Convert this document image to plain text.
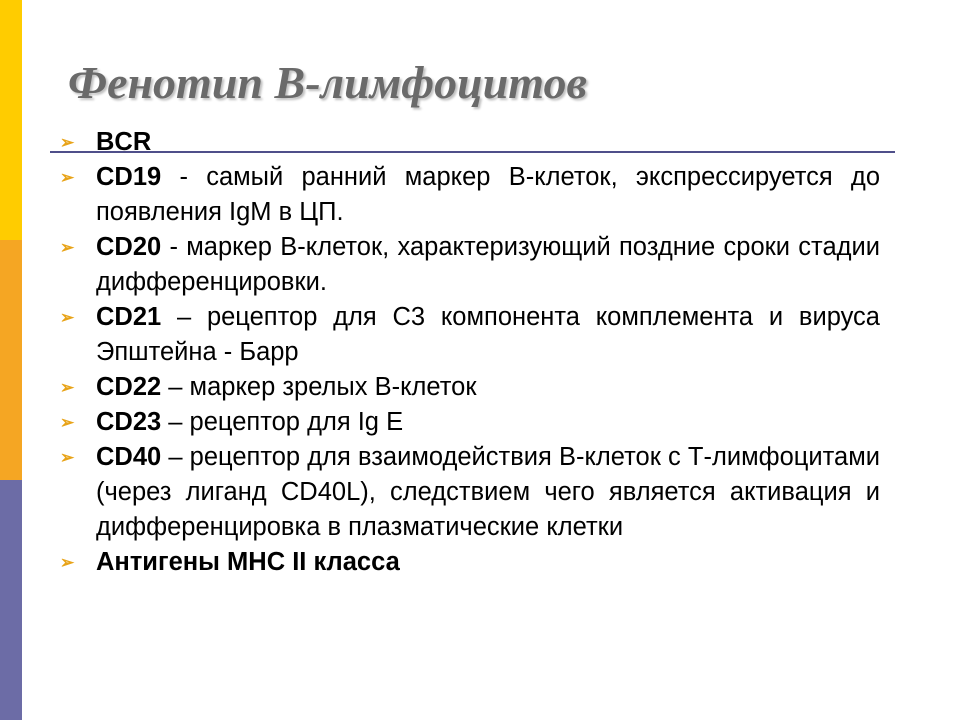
Фенотип В-лимфоцитов
➢ BCR
➢ CD19 - самый ранний маркер В-клеток, экспрессируется до появления IgM в ЦП.
➢ CD20 - маркер В-клеток, характеризующий поздние сроки стадии дифференцировки.
➢ CD21 – рецептор для С3 компонента комплемента и вируса Эпштейна - Барр
➢ CD22 – маркер зрелых В-клеток
➢ CD23 – рецептор для Ig E
➢ CD40 – рецептор для взаимодействия В-клеток с Т-лимфоцитами (через лиганд CD40L), следствием чего является активация и дифференцировка в плазматические клетки
➢ Антигены MHC II класса
